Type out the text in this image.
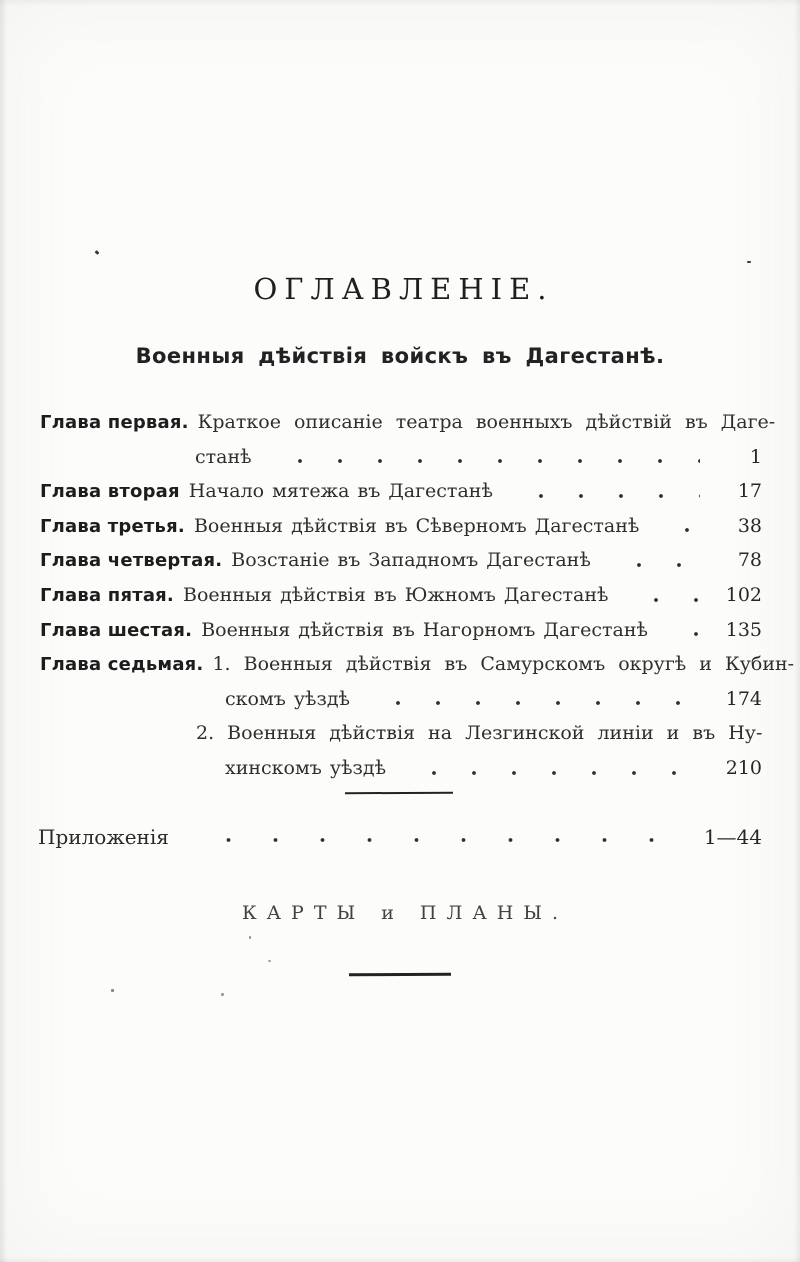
ОГЛАВЛЕНІЕ.
Военныя дѣйствія войскъ въ Дагестанѣ.
Глава первая. Краткое описаніе театра военныхъ дѣйствій въ Даге-
станѣ	1
Глава вторая Начало мятежа въ Дагестанѣ	17
Глава третья. Военныя дѣйствія въ Сѣверномъ Дагестанѣ	38
Глава четвертая. Возстаніе въ Западномъ Дагестанѣ	78
Глава пятая. Военныя дѣйствія въ Южномъ Дагестанѣ	102
Глава шестая. Военныя дѣйствія въ Нагорномъ Дагестанѣ	135
Глава седьмая. 1. Военныя дѣйствія въ Самурскомъ округѣ и Кубин-
скомъ уѣздѣ	174
2. Военныя дѣйствія на Лезгинской линіи и въ Ну-
хинскомъ уѣздѣ	210
Приложенія	1—44
КАРТЫ и ПЛАНЫ.
